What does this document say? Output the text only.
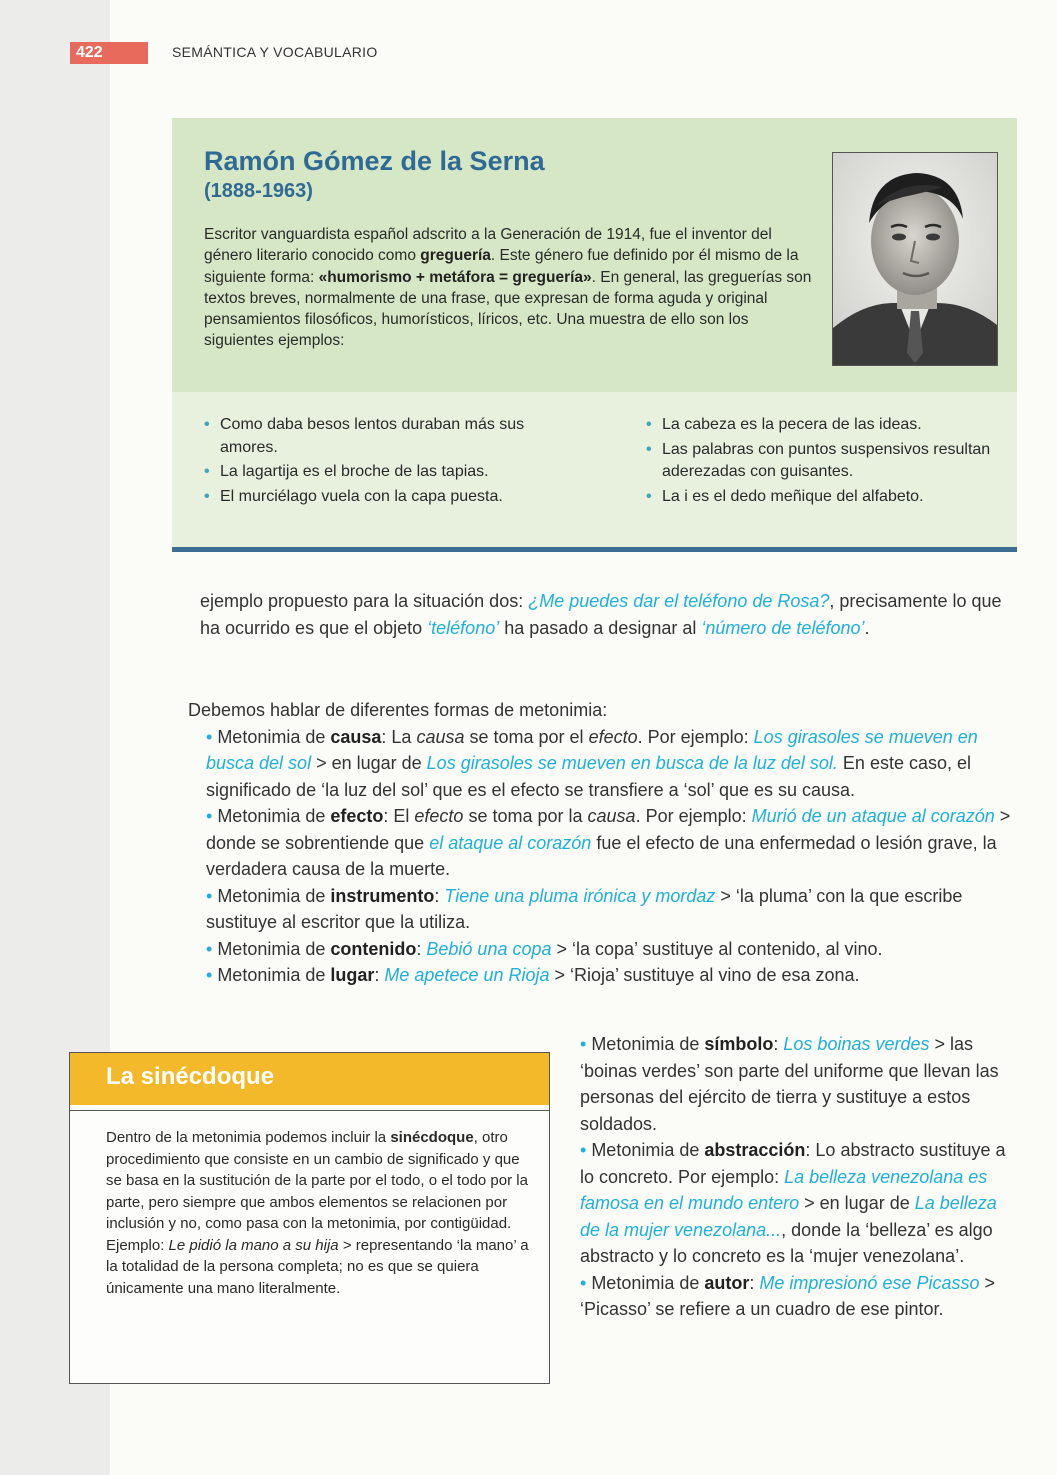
422	SEMÁNTICA Y VOCABULARIO
Ramón Gómez de la Serna
(1888-1963)
Escritor vanguardista español adscrito a la Generación de 1914, fue el inventor del género literario conocido como greguería. Este género fue definido por él mismo de la siguiente forma: «humorismo + metáfora = greguería». En general, las greguerías son textos breves, normalmente de una frase, que expresan de forma aguda y original pensamientos filosóficos, humorísticos, líricos, etc. Una muestra de ello son los siguientes ejemplos:
• Como daba besos lentos duraban más sus amores.
• La lagartija es el broche de las tapias.
• El murciélago vuela con la capa puesta.
• La cabeza es la pecera de las ideas.
• Las palabras con puntos suspensivos resultan aderezadas con guisantes.
• La i es el dedo meñique del alfabeto.
ejemplo propuesto para la situación dos: ¿Me puedes dar el teléfono de Rosa?, precisamente lo que ha ocurrido es que el objeto ‘teléfono’ ha pasado a designar al ‘número de teléfono’.
Debemos hablar de diferentes formas de metonimia:
• Metonimia de causa: La causa se toma por el efecto. Por ejemplo: Los girasoles se mueven en busca del sol > en lugar de Los girasoles se mueven en busca de la luz del sol. En este caso, el significado de ‘la luz del sol’ que es el efecto se transfiere a ‘sol’ que es su causa.
• Metonimia de efecto: El efecto se toma por la causa. Por ejemplo: Murió de un ataque al corazón > donde se sobrentiende que el ataque al corazón fue el efecto de una enfermedad o lesión grave, la verdadera causa de la muerte.
• Metonimia de instrumento: Tiene una pluma irónica y mordaz > ‘la pluma’ con la que escribe sustituye al escritor que la utiliza.
• Metonimia de contenido: Bebió una copa > ‘la copa’ sustituye al contenido, al vino.
• Metonimia de lugar: Me apetece un Rioja > ‘Rioja’ sustituye al vino de esa zona.
• Metonimia de símbolo: Los boinas verdes > las ‘boinas verdes’ son parte del uniforme que llevan las personas del ejército de tierra y sustituye a estos soldados.
• Metonimia de abstracción: Lo abstracto sustituye a lo concreto. Por ejemplo: La belleza venezolana es famosa en el mundo entero > en lugar de La belleza de la mujer venezolana..., donde la ‘belleza’ es algo abstracto y lo concreto es la ‘mujer venezolana’.
• Metonimia de autor: Me impresionó ese Picasso > ‘Picasso’ se refiere a un cuadro de ese pintor.
La sinécdoque
Dentro de la metonimia podemos incluir la sinécdoque, otro procedimiento que consiste en un cambio de significado y que se basa en la sustitución de la parte por el todo, o el todo por la parte, pero siempre que ambos elementos se relacionen por inclusión y no, como pasa con la metonimia, por contigüidad. Ejemplo: Le pidió la mano a su hija > representando ‘la mano’ a la totalidad de la persona completa; no es que se quiera únicamente una mano literalmente.
